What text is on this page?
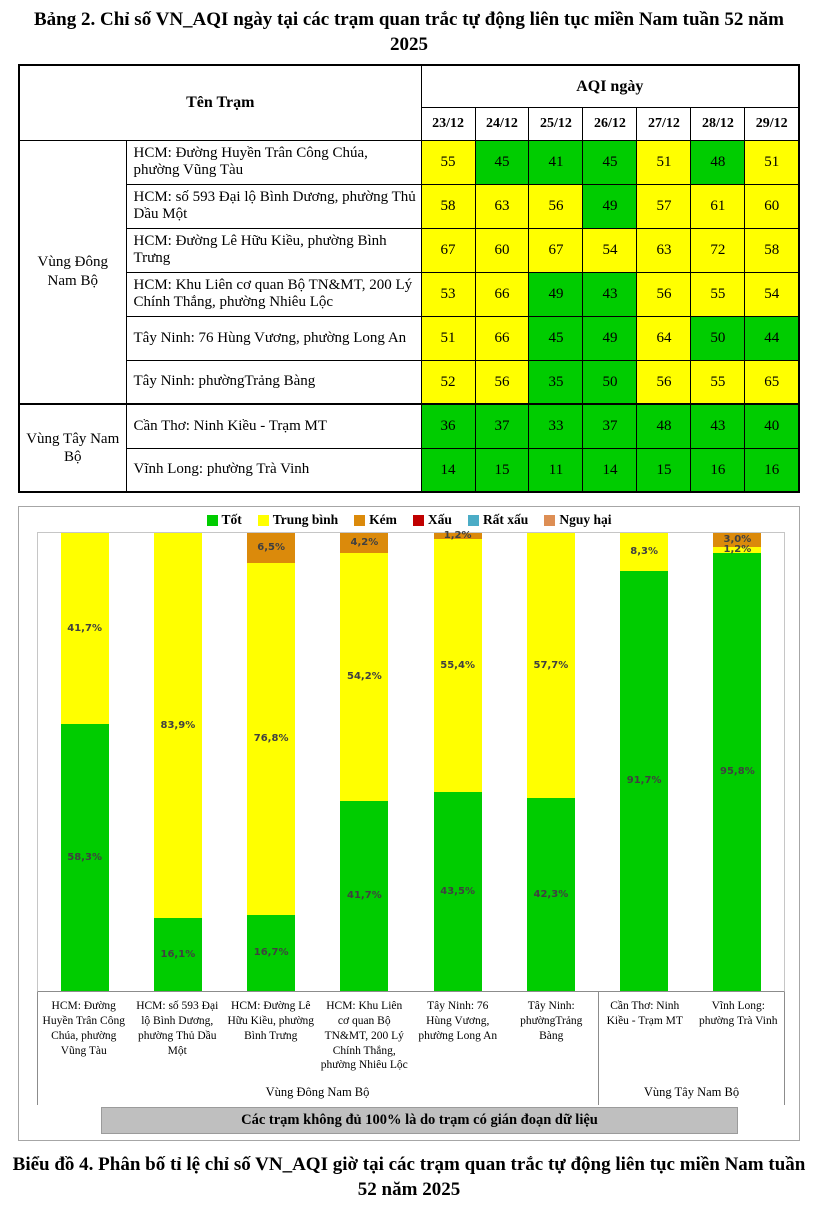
Bảng 2. Chỉ số VN_AQI ngày tại các trạm quan trắc tự động liên tục miền Nam tuần 52 năm 2025
Tên Trạm		AQI ngày						
		23/12	24/12	25/12	26/12	27/12	28/12	29/12
Vùng Đông Nam Bộ	HCM: Đường Huyền Trân Công Chúa, phường Vũng Tàu	55	45	41	45	51	48	51
	HCM: số 593 Đại lộ Bình Dương, phường Thủ Dầu Một	58	63	56	49	57	61	60
	HCM: Đường Lê Hữu Kiều, phường Bình Trưng	67	60	67	54	63	72	58
	HCM: Khu Liên cơ quan Bộ TN&MT, 200 Lý Chính Thắng, phường Nhiêu Lộc	53	66	49	43	56	55	54
	Tây Ninh: 76 Hùng Vương, phường Long An	51	66	45	49	64	50	44
	Tây Ninh: phườngTrảng Bàng	52	56	35	50	56	55	65
Vùng Tây Nam Bộ	Cần Thơ: Ninh Kiều - Trạm MT	36	37	33	37	48	43	40
	Vĩnh Long: phường Trà Vinh	14	15	11	14	15	16	16
Tốt Trung bình Kém Xấu Rất xấu Nguy hại
41,7%
58,3%
83,9%
16,1%
6,5%
76,8%
16,7%
4,2%
54,2%
41,7%
1,2%
55,4%
43,5%
57,7%
42,3%
8,3%
91,7%
3,0%
1,2%
95,8%
HCM: Đường Huyền Trân Công Chúa, phường Vũng Tàu
HCM: số 593 Đại lộ Bình Dương, phường Thủ Dầu Một
HCM: Đường Lê Hữu Kiều, phường Bình Trưng
HCM: Khu Liên cơ quan Bộ TN&MT, 200 Lý Chính Thắng, phường Nhiêu Lộc
Tây Ninh: 76 Hùng Vương, phường Long An
Tây Ninh: phườngTrảng Bàng
Cần Thơ: Ninh Kiều - Trạm MT
Vĩnh Long: phường Trà Vinh
Vùng Đông Nam Bộ	Vùng Tây Nam Bộ
Các trạm không đủ 100% là do trạm có gián đoạn dữ liệu
Biểu đồ 4. Phân bố tỉ lệ chỉ số VN_AQI giờ tại các trạm quan trắc tự động liên tục miền Nam tuần 52 năm 2025
